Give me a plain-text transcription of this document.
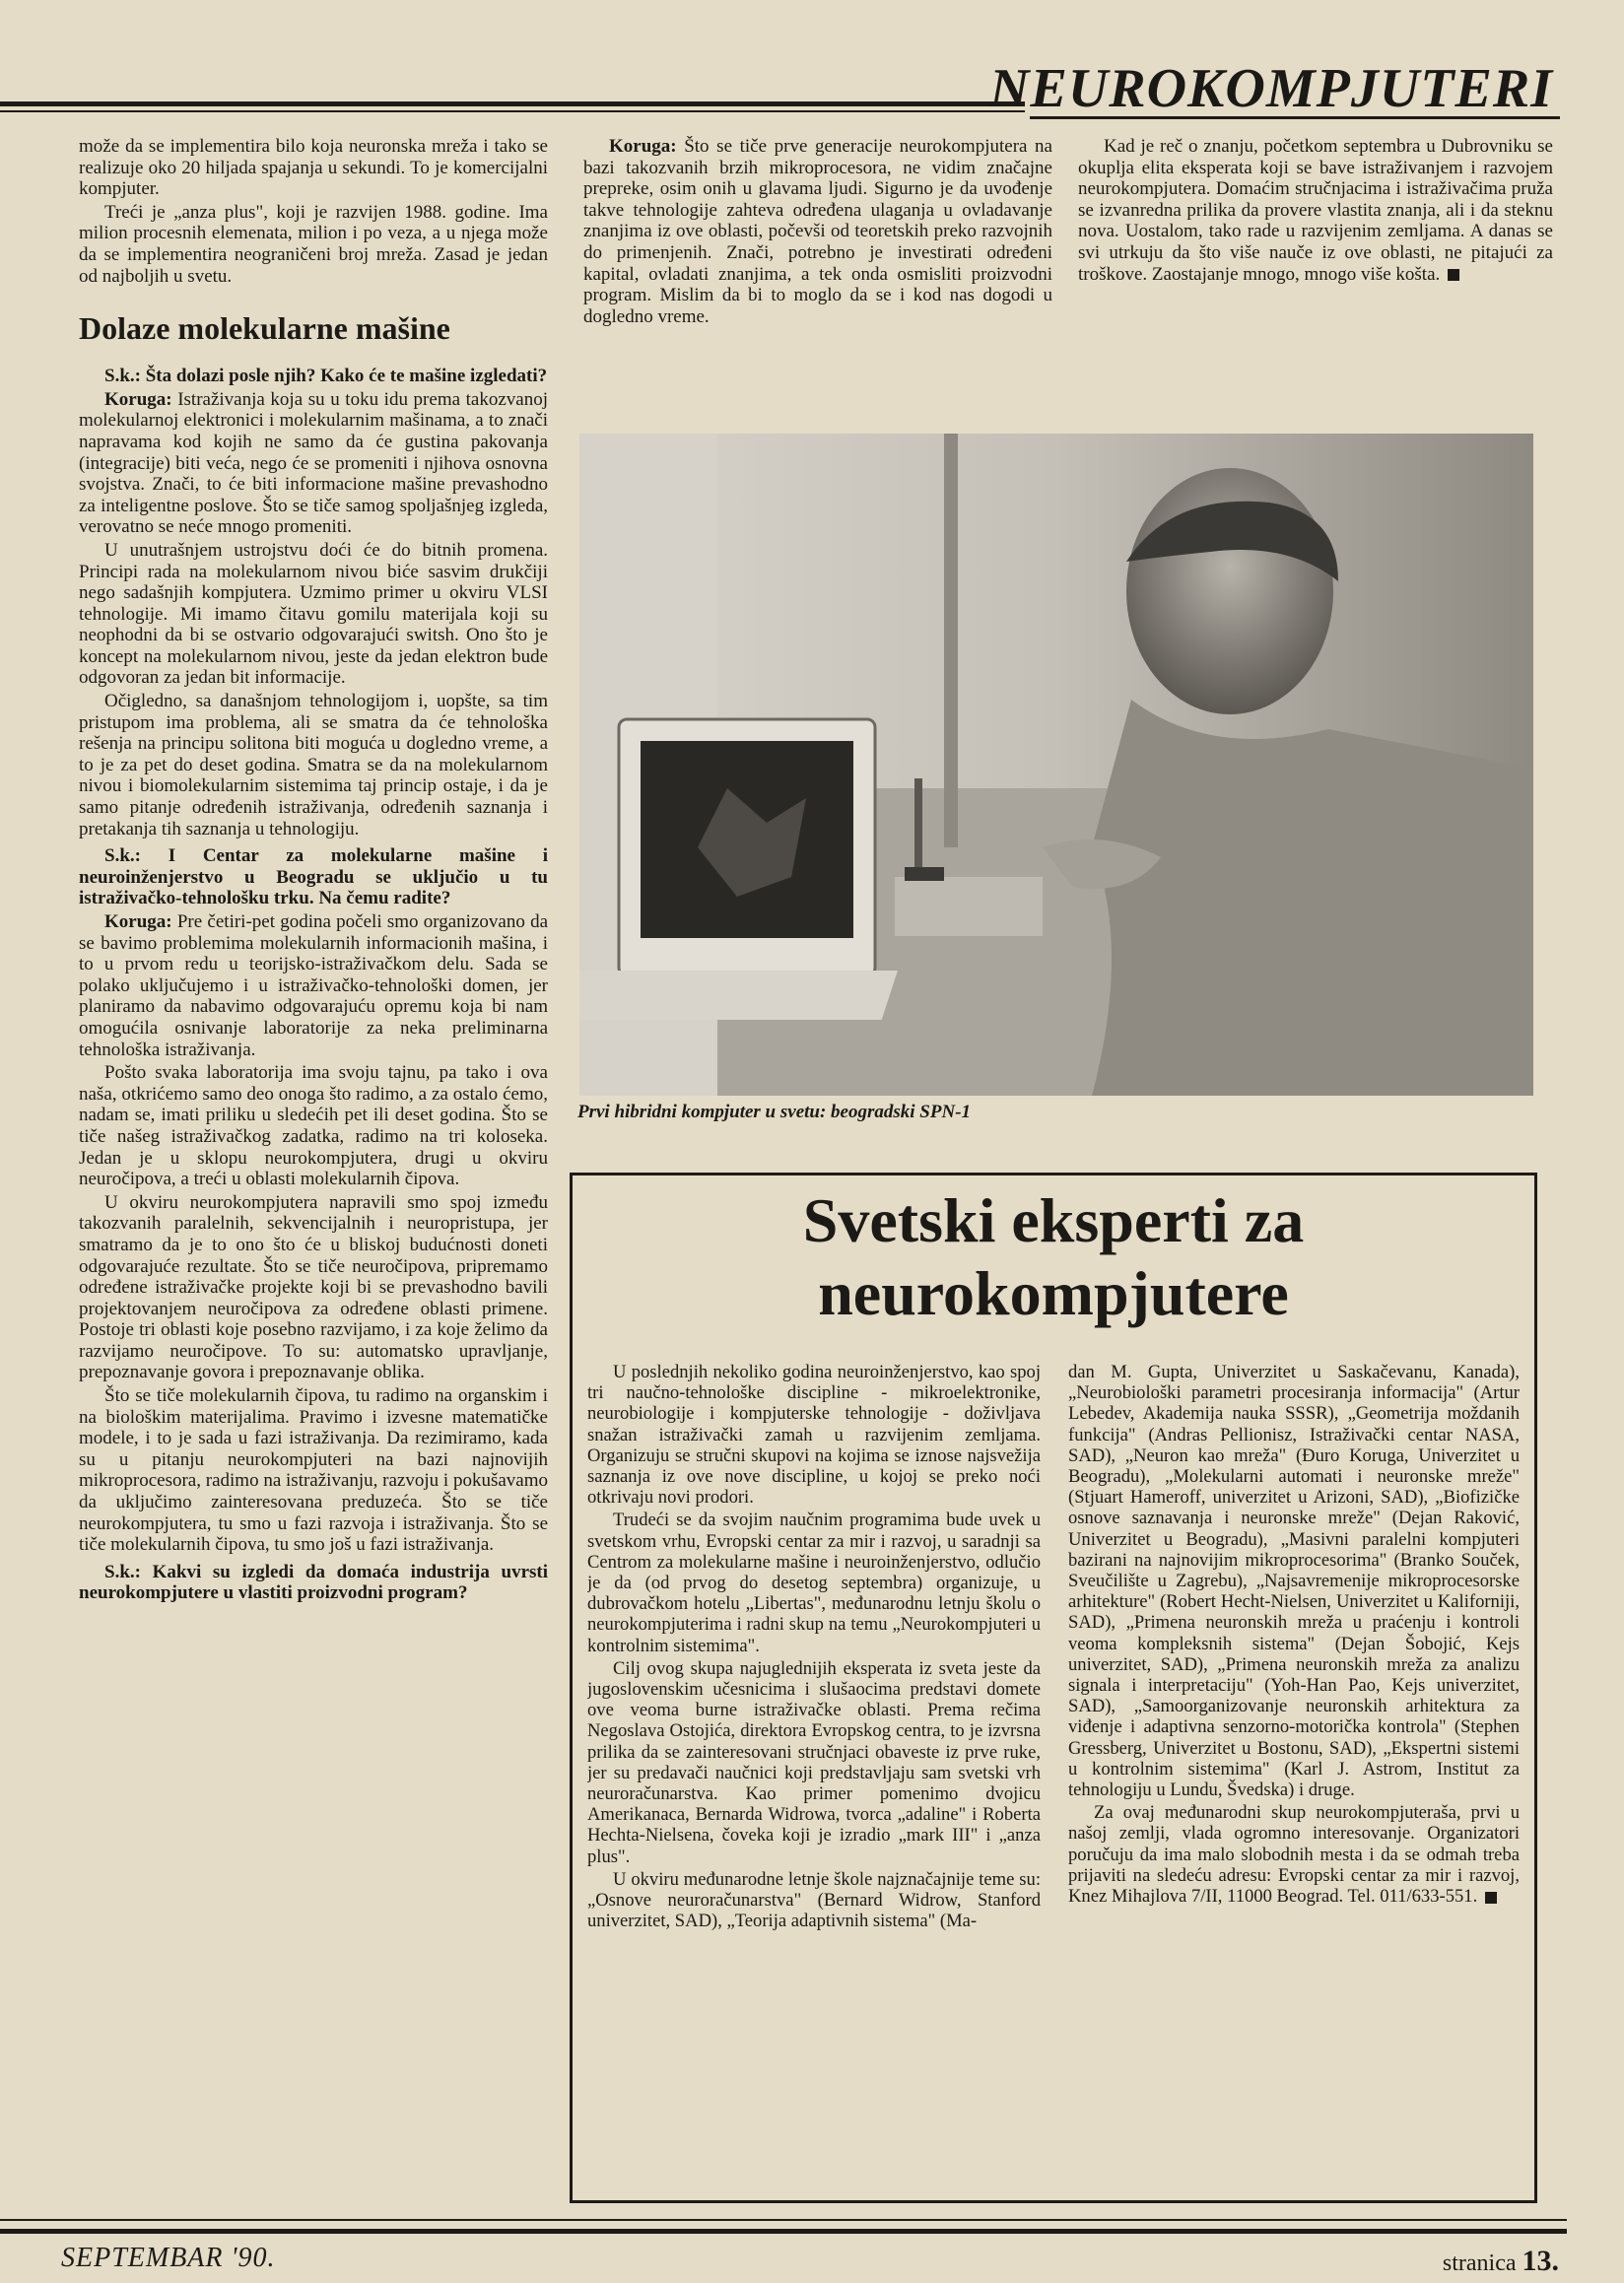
NEUROKOMPJUTERI

može da se implementira bilo koja neuronska mreža i tako se realizuje oko 20 hiljada spajanja u sekundi. To je komercijalni kompjuter.

Treći je „anza plus", koji je razvijen 1988. godine. Ima milion procesnih elemenata, milion i po veza, a u njega može da se implementira neograničeni broj mreža. Zasad je jedan od najboljih u svetu.

Dolaze molekularne mašine

S.k.: Šta dolazi posle njih? Kako će te mašine izgledati?

Koruga: Istraživanja koja su u toku idu prema takozvanoj molekularnoj elektronici i molekularnim mašinama, a to znači napravama kod kojih ne samo da će gustina pakovanja (integracije) biti veća, nego će se promeniti i njihova osnovna svojstva. Znači, to će biti informacione mašine prevashodno za inteligentne poslove. Što se tiče samog spoljašnjeg izgleda, verovatno se neće mnogo promeniti.

U unutrašnjem ustrojstvu doći će do bitnih promena. Principi rada na molekularnom nivou biće sasvim drukčiji nego sadašnjih kompjutera. Uzmimo primer u okviru VLSI tehnologije. Mi imamo čitavu gomilu materijala koji su neophodni da bi se ostvario odgovarajući switsh. Ono što je koncept na molekularnom nivou, jeste da jedan elektron bude odgovoran za jedan bit informacije.

Očigledno, sa današnjom tehnologijom i, uopšte, sa tim pristupom ima problema, ali se smatra da će tehnološka rešenja na principu solitona biti moguća u dogledno vreme, a to je za pet do deset godina. Smatra se da na molekularnom nivou i biomolekularnim sistemima taj princip ostaje, i da je samo pitanje određenih istraživanja, određenih saznanja i pretakanja tih saznanja u tehnologiju.

S.k.: I Centar za molekularne mašine i neuroinženjerstvo u Beogradu se uključio u tu istraživačko-tehnološku trku. Na čemu radite?

Koruga: Pre četiri-pet godina počeli smo organizovano da se bavimo problemima molekularnih informacionih mašina, i to u prvom redu u teorijsko-istraživačkom delu. Sada se polako uključujemo i u istraživačko-tehnološki domen, jer planiramo da nabavimo odgovarajuću opremu koja bi nam omogućila osnivanje laboratorije za neka preliminarna tehnološka istraživanja.

Pošto svaka laboratorija ima svoju tajnu, pa tako i ova naša, otkrićemo samo deo onoga što radimo, a za ostalo ćemo, nadam se, imati priliku u sledećih pet ili deset godina. Što se tiče našeg istraživačkog zadatka, radimo na tri koloseka. Jedan je u sklopu neurokompjutera, drugi u okviru neuročipova, a treći u oblasti molekularnih čipova.

U okviru neurokompjutera napravili smo spoj između takozvanih paralelnih, sekvencijalnih i neuropristupa, jer smatramo da je to ono što će u bliskoj budućnosti doneti odgovarajuće rezultate. Što se tiče neuročipova, pripremamo određene istraživačke projekte koji bi se prevashodno bavili projektovanjem neuročipova za određene oblasti primene. Postoje tri oblasti koje posebno razvijamo, i za koje želimo da razvijamo neuročipove. To su: automatsko upravljanje, prepoznavanje govora i prepoznavanje oblika.

Što se tiče molekularnih čipova, tu radimo na organskim i na biološkim materijalima. Pravimo i izvesne matematičke modele, i to je sada u fazi istraživanja. Da rezimiramo, kada su u pitanju neurokompjuteri na bazi najnovijih mikroprocesora, radimo na istraživanju, razvoju i pokušavamo da uključimo zainteresovana preduzeća. Što se tiče neurokompjutera, tu smo u fazi razvoja i istraživanja. Što se tiče molekularnih čipova, tu smo još u fazi istraživanja.

S.k.: Kakvi su izgledi da domaća industrija uvrsti neurokompjutere u vlastiti proizvodni program?

Koruga: Što se tiče prve generacije neurokompjutera na bazi takozvanih brzih mikroprocesora, ne vidim značajne prepreke, osim onih u glavama ljudi. Sigurno je da uvođenje takve tehnologije zahteva određena ulaganja u ovladavanje znanjima iz ove oblasti, počevši od teoretskih preko razvojnih do primenjenih. Znači, potrebno je investirati određeni kapital, ovladati znanjima, a tek onda osmisliti proizvodni program. Mislim da bi to moglo da se i kod nas dogodi u dogledno vreme.

Kad je reč o znanju, početkom septembra u Dubrovniku se okuplja elita eksperata koji se bave istraživanjem i razvojem neurokompjutera. Domaćim stručnjacima i istraživačima pruža se izvanredna prilika da provere vlastita znanja, ali i da steknu nova. Uostalom, tako rade u razvijenim zemljama. A danas se svi utrkuju da što više nauče iz ove oblasti, ne pitajući za troškove. Zaostajanje mnogo, mnogo više košta.

Prvi hibridni kompjuter u svetu: beogradski SPN-1
Svetski eksperti za
neurokompjutere

U poslednjih nekoliko godina neuroinženjerstvo, kao spoj tri naučno-tehnološke discipline - mikroelektronike, neurobiologije i kompjuterske tehnologije - doživljava snažan istraživački zamah u razvijenim zemljama. Organizuju se stručni skupovi na kojima se iznose najsvežija saznanja iz ove nove discipline, u kojoj se preko noći otkrivaju novi prodori.

Trudeći se da svojim naučnim programima bude uvek u svetskom vrhu, Evropski centar za mir i razvoj, u saradnji sa Centrom za molekularne mašine i neuroinženjerstvo, odlučio je da (od prvog do desetog septembra) organizuje, u dubrovačkom hotelu „Libertas", međunarodnu letnju školu o neurokompjuterima i radni skup na temu „Neurokompjuteri u kontrolnim sistemima".

Cilj ovog skupa najuglednijih eksperata iz sveta jeste da jugoslovenskim učesnicima i slušaocima predstavi domete ove veoma burne istraživačke oblasti. Prema rečima Negoslava Ostojića, direktora Evropskog centra, to je izvrsna prilika da se zainteresovani stručnjaci obaveste iz prve ruke, jer su predavači naučnici koji predstavljaju sam svetski vrh neuroračunarstva. Kao primer pomenimo dvojicu Amerikanaca, Bernarda Widrowa, tvorca „adaline" i Roberta Hechta-Nielsena, čoveka koji je izradio „mark III" i „anza plus".

U okviru međunarodne letnje škole najznačajnije teme su: „Osnove neuroračunarstva" (Bernard Widrow, Stanford univerzitet, SAD), „Teorija adaptivnih sistema" (Ma-

dan M. Gupta, Univerzitet u Saskačevanu, Kanada), „Neurobiološki parametri procesiranja informacija" (Artur Lebedev, Akademija nauka SSSR), „Geometrija moždanih funkcija" (Andras Pellionisz, Istraživački centar NASA, SAD), „Neuron kao mreža" (Đuro Koruga, Univerzitet u Beogradu), „Molekularni automati i neuronske mreže" (Stjuart Hameroff, univerzitet u Arizoni, SAD), „Biofizičke osnove saznavanja i neuronske mreže" (Dejan Raković, Univerzitet u Beogradu), „Masivni paralelni kompjuteri bazirani na najnovijim mikroprocesorima" (Branko Souček, Sveučilište u Zagrebu), „Najsavremenije mikroprocesorske arhitekture" (Robert Hecht-Nielsen, Univerzitet u Kaliforniji, SAD), „Primena neuronskih mreža u praćenju i kontroli veoma kompleksnih sistema" (Dejan Šobojić, Kejs univerzitet, SAD), „Primena neuronskih mreža za analizu signala i interpretaciju" (Yoh-Han Pao, Kejs univerzitet, SAD), „Samoorganizovanje neuronskih arhitektura za viđenje i adaptivna senzorno-motorička kontrola" (Stephen Gressberg, Univerzitet u Bostonu, SAD), „Ekspertni sistemi u kontrolnim sistemima" (Karl J. Astrom, Institut za tehnologiju u Lundu, Švedska) i druge.

Za ovaj međunarodni skup neurokompjuteraša, prvi u našoj zemlji, vlada ogromno interesovanje. Organizatori poručuju da ima malo slobodnih mesta i da se odmah treba prijaviti na sledeću adresu: Evropski centar za mir i razvoj, Knez Mihajlova 7/II, 11000 Beograd. Tel. 011/633-551.

SEPTEMBAR '90.	stranica 13.
